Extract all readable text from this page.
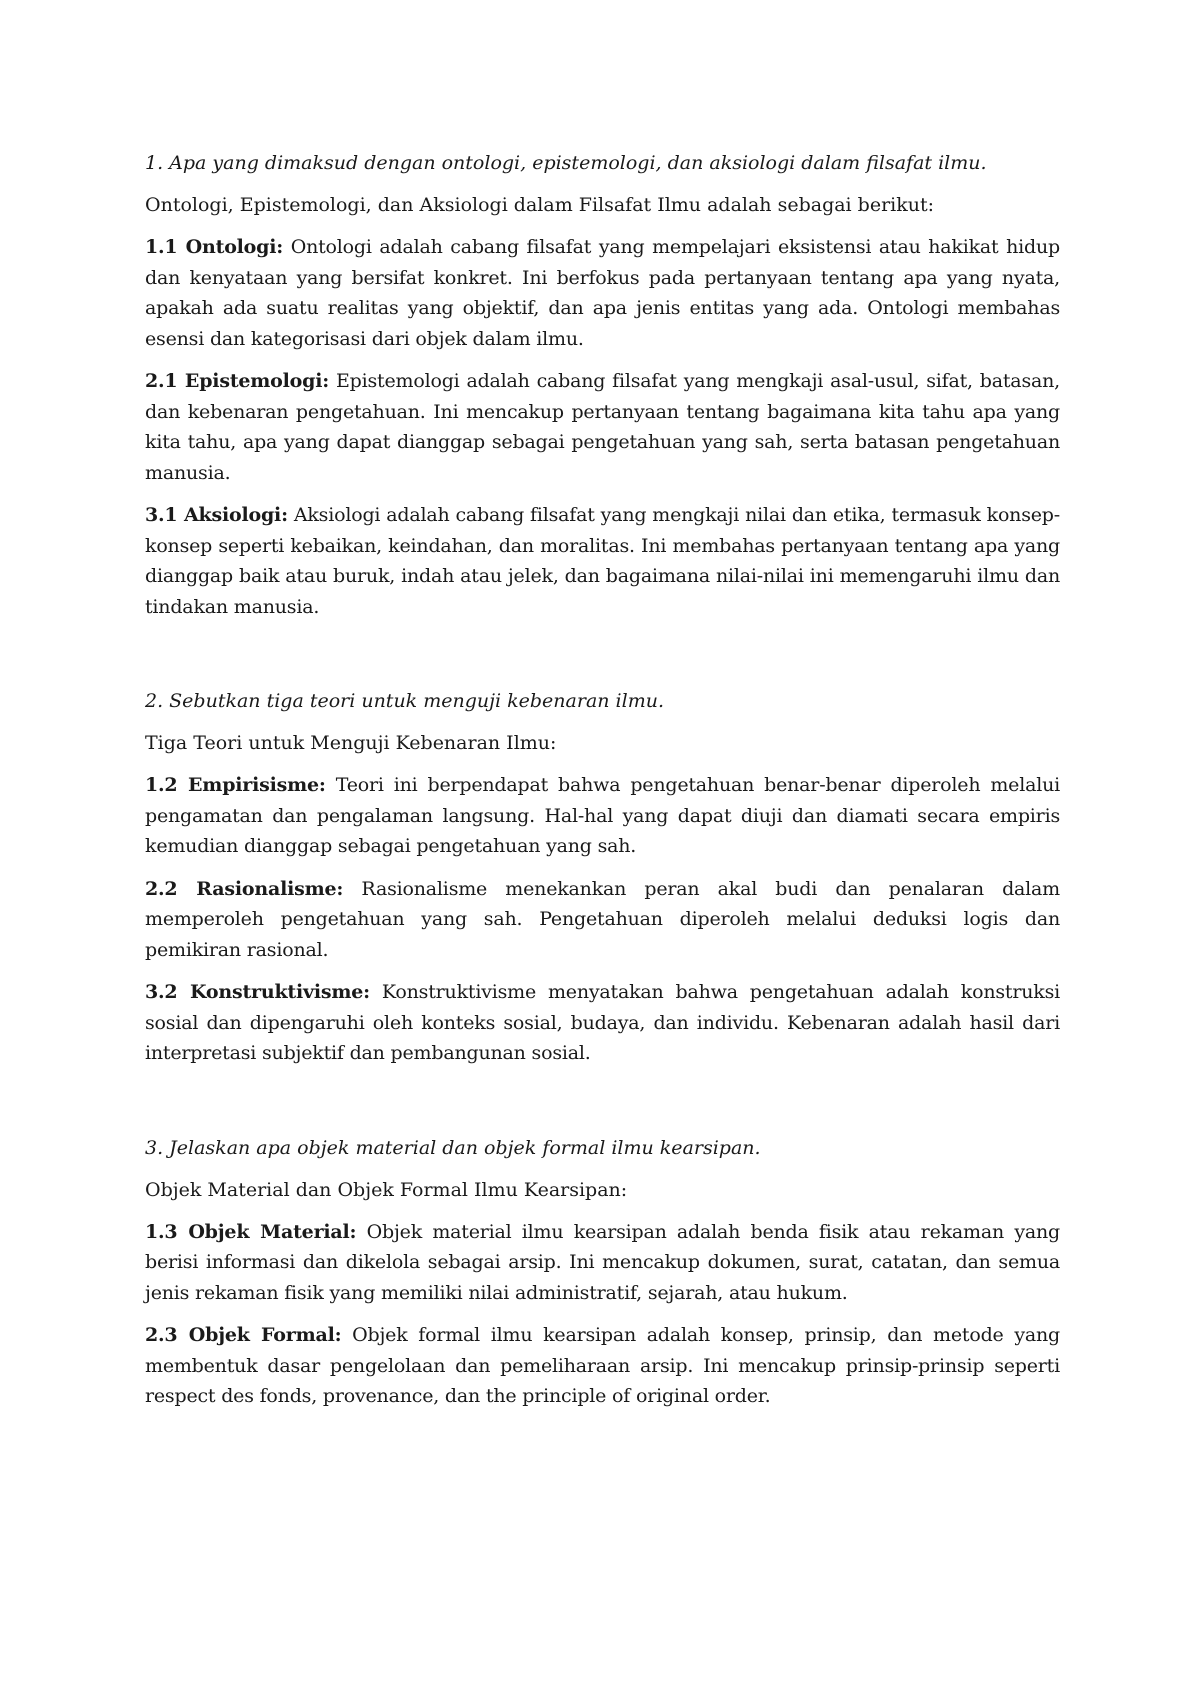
1. Apa yang dimaksud dengan ontologi, epistemologi, dan aksiologi dalam filsafat ilmu.

Ontologi, Epistemologi, dan Aksiologi dalam Filsafat Ilmu adalah sebagai berikut:

1.1 Ontologi: Ontologi adalah cabang filsafat yang mempelajari eksistensi atau hakikat hidup dan kenyataan yang bersifat konkret. Ini berfokus pada pertanyaan tentang apa yang nyata, apakah ada suatu realitas yang objektif, dan apa jenis entitas yang ada. Ontologi membahas esensi dan kategorisasi dari objek dalam ilmu.

2.1 Epistemologi: Epistemologi adalah cabang filsafat yang mengkaji asal-usul, sifat, batasan, dan kebenaran pengetahuan. Ini mencakup pertanyaan tentang bagaimana kita tahu apa yang kita tahu, apa yang dapat dianggap sebagai pengetahuan yang sah, serta batasan pengetahuan manusia.

3.1 Aksiologi: Aksiologi adalah cabang filsafat yang mengkaji nilai dan etika, termasuk konsep-konsep seperti kebaikan, keindahan, dan moralitas. Ini membahas pertanyaan tentang apa yang dianggap baik atau buruk, indah atau jelek, dan bagaimana nilai-nilai ini memengaruhi ilmu dan tindakan manusia.

2. Sebutkan tiga teori untuk menguji kebenaran ilmu.

Tiga Teori untuk Menguji Kebenaran Ilmu:

1.2 Empirisisme: Teori ini berpendapat bahwa pengetahuan benar-benar diperoleh melalui pengamatan dan pengalaman langsung. Hal-hal yang dapat diuji dan diamati secara empiris kemudian dianggap sebagai pengetahuan yang sah.

2.2 Rasionalisme: Rasionalisme menekankan peran akal budi dan penalaran dalam memperoleh pengetahuan yang sah. Pengetahuan diperoleh melalui deduksi logis dan pemikiran rasional.

3.2 Konstruktivisme: Konstruktivisme menyatakan bahwa pengetahuan adalah konstruksi sosial dan dipengaruhi oleh konteks sosial, budaya, dan individu. Kebenaran adalah hasil dari interpretasi subjektif dan pembangunan sosial.

3. Jelaskan apa objek material dan objek formal ilmu kearsipan.

Objek Material dan Objek Formal Ilmu Kearsipan:

1.3 Objek Material: Objek material ilmu kearsipan adalah benda fisik atau rekaman yang berisi informasi dan dikelola sebagai arsip. Ini mencakup dokumen, surat, catatan, dan semua jenis rekaman fisik yang memiliki nilai administratif, sejarah, atau hukum.

2.3 Objek Formal: Objek formal ilmu kearsipan adalah konsep, prinsip, dan metode yang membentuk dasar pengelolaan dan pemeliharaan arsip. Ini mencakup prinsip-prinsip seperti respect des fonds, provenance, dan the principle of original order.
